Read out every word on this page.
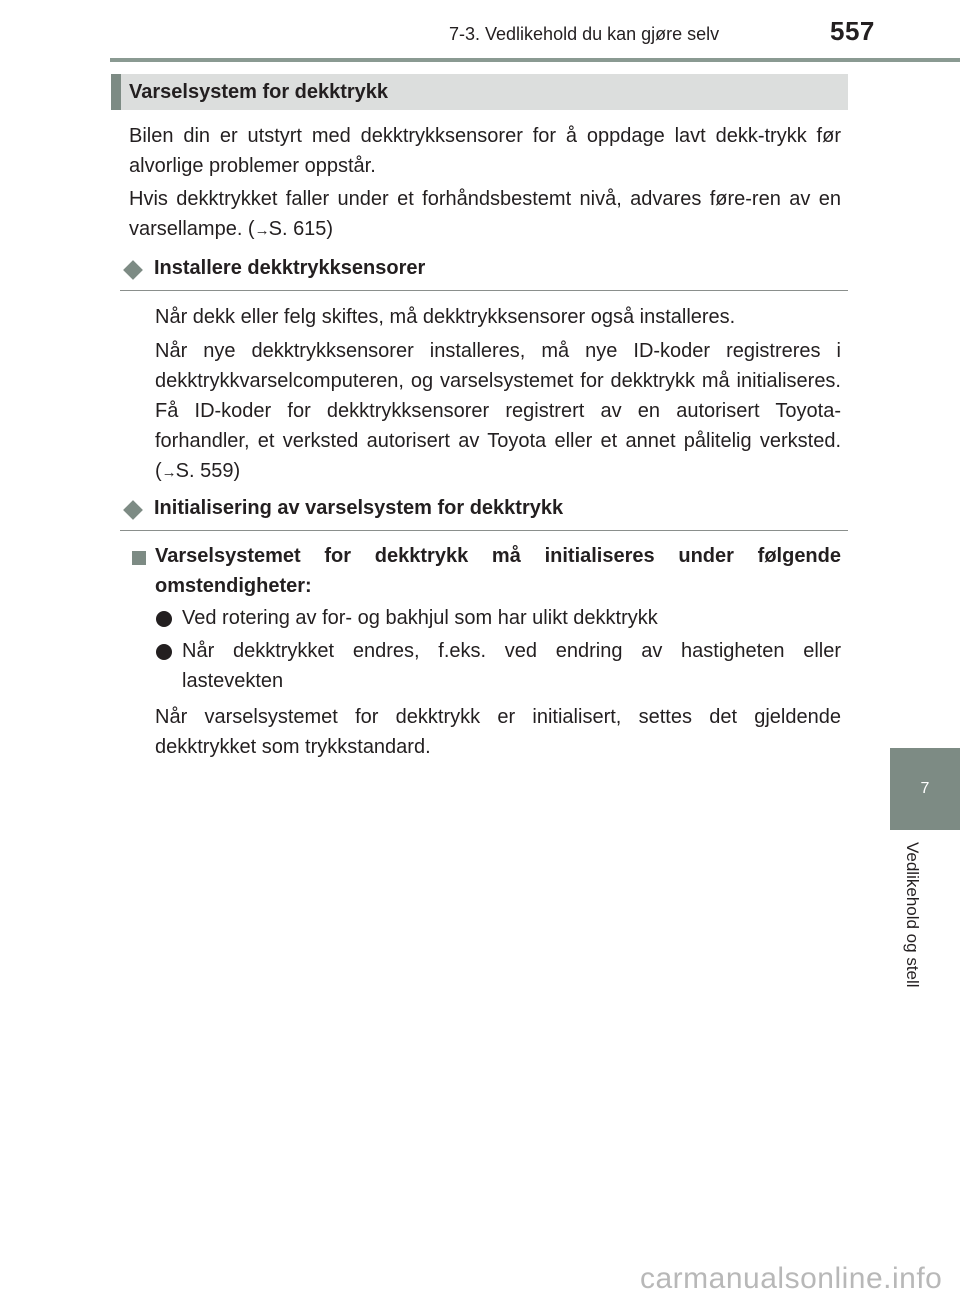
7-3. Vedlikehold du kan gjøre selv	557
7
Vedlikehold og stell
Varselsystem for dekktrykk

Bilen din er utstyrt med dekktrykksensorer for å oppdage lavt dekk-trykk før alvorlige problemer oppstår.

Hvis dekktrykket faller under et forhåndsbestemt nivå, advares føre-ren av en varsellampe. (→S. 615)

Installere dekktrykksensorer

Når dekk eller felg skiftes, må dekktrykksensorer også installeres.

Når nye dekktrykksensorer installeres, må nye ID-koder registreres i dekktrykkvarselcomputeren, og varselsystemet for dekktrykk må initialiseres. Få ID-koder for dekktrykksensorer registrert av en autorisert Toyota-forhandler, et verksted autorisert av Toyota eller et annet pålitelig verksted. (→S. 559)

Initialisering av varselsystem for dekktrykk

Varselsystemet for dekktrykk må initialiseres under følgende omstendigheter:

Ved rotering av for- og bakhjul som har ulikt dekktrykk

Når dekktrykket endres, f.eks. ved endring av hastigheten eller lastevekten

Når varselsystemet for dekktrykk er initialisert, settes det gjeldende dekktrykket som trykkstandard.

carmanualsonline.info
